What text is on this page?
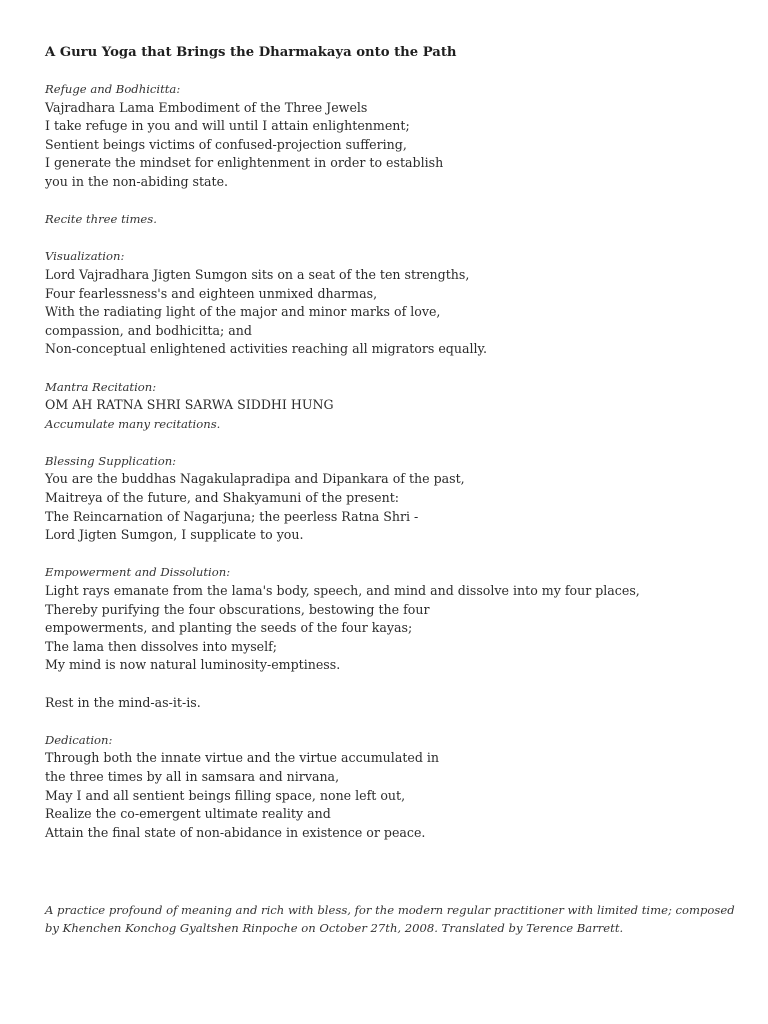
A Guru Yoga that Brings the Dharmakaya onto the Path
Refuge and Bodhicitta:
Vajradhara Lama Embodiment of the Three Jewels
I take refuge in you and will until I attain enlightenment;
Sentient beings victims of confused-projection suffering,
I generate the mindset for enlightenment in order to establish
you in the non-abiding state.
Recite three times.
Visualization:
Lord Vajradhara Jigten Sumgon sits on a seat of the ten strengths,
Four fearlessness's and eighteen unmixed dharmas,
With the radiating light of the major and minor marks of love,
compassion, and bodhicitta; and
Non-conceptual enlightened activities reaching all migrators equally.
Mantra Recitation:
OM AH RATNA SHRI SARWA SIDDHI HUNG
Accumulate many recitations.
Blessing Supplication:
You are the buddhas Nagakulapradipa and Dipankara of the past,
Maitreya of the future, and Shakyamuni of the present:
The Reincarnation of Nagarjuna; the peerless Ratna Shri -
Lord Jigten Sumgon, I supplicate to you.
Empowerment and Dissolution:
Light rays emanate from the lama's body, speech, and mind and dissolve into my four places,
Thereby purifying the four obscurations, bestowing the four
empowerments, and planting the seeds of the four kayas;
The lama then dissolves into myself;
My mind is now natural luminosity-emptiness.
Rest in the mind-as-it-is.
Dedication:
Through both the innate virtue and the virtue accumulated in
the three times by all in samsara and nirvana,
May I and all sentient beings filling space, none left out,
Realize the co-emergent ultimate reality and
Attain the final state of non-abidance in existence or peace.
A practice profound of meaning and rich with bless, for the modern regular practitioner with limited time; composed by Khenchen Konchog Gyaltshen Rinpoche on October 27th, 2008. Translated by Terence Barrett.
